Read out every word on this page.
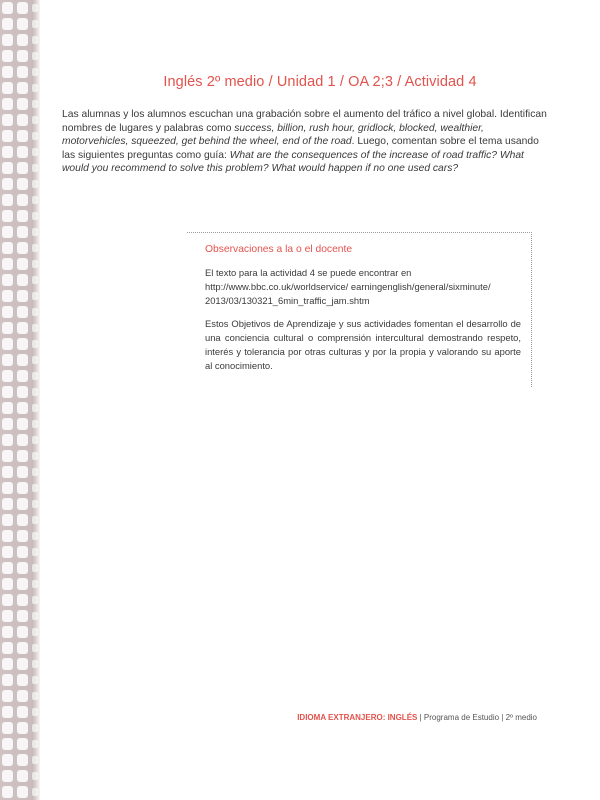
Inglés 2º medio / Unidad 1 / OA 2;3 / Actividad 4
Las alumnas y los alumnos escuchan una grabación sobre el aumento del tráfico a nivel global. Identifican nombres de lugares y palabras como success, billion, rush hour, gridlock, blocked, wealthier, motorvehicles, squeezed, get behind the wheel, end of the road. Luego, comentan sobre el tema usando las siguientes preguntas como guía: What are the consequences of the increase of road traffic? What would you recommend to solve this problem? What would happen if no one used cars?
Observaciones a la o el docente
El texto para la actividad 4 se puede encontrar en
http://www.bbc.co.uk/worldservice/ earningenglish/general/sixminute/
2013/03/130321_6min_traffic_jam.shtm
Estos Objetivos de Aprendizaje y sus actividades fomentan el desarrollo de una conciencia cultural o comprensión intercultural demostrando respeto, interés y tolerancia por otras culturas y por la propia y valorando su aporte al conocimiento.
IDIOMA EXTRANJERO: INGLÉS | Programa de Estudio | 2º medio
